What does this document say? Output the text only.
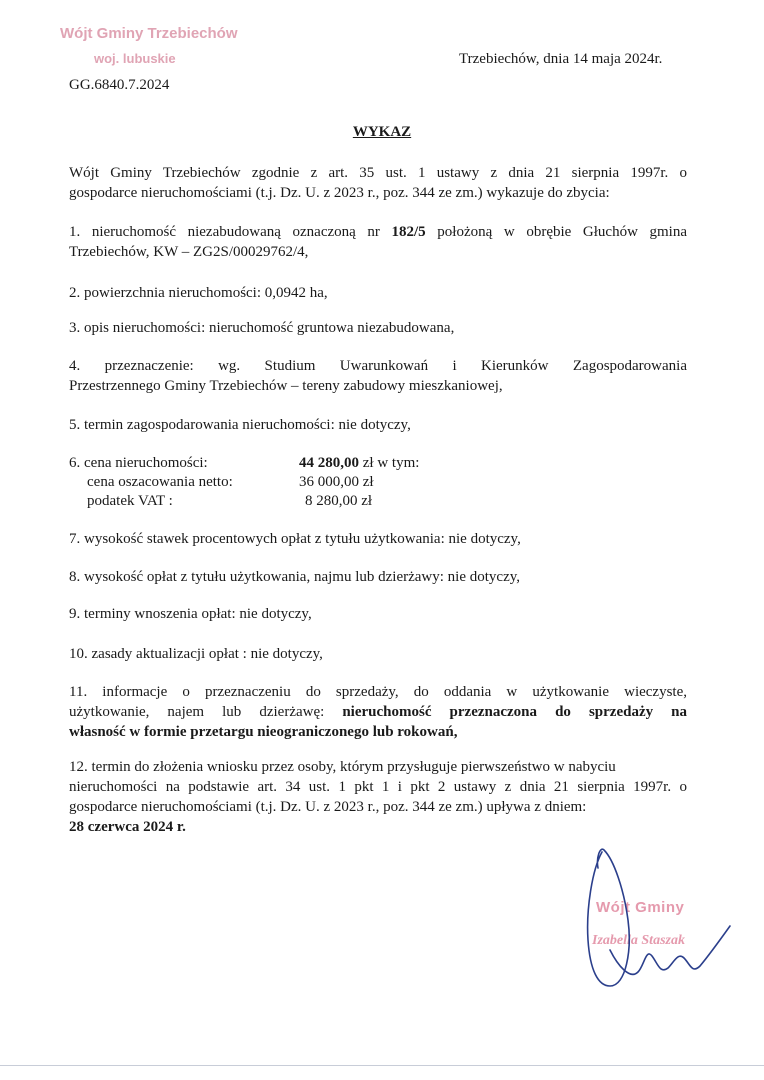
Wójt Gminy Trzebiechów
woj. lubuskie
GG.6840.7.2024
Trzebiechów, dnia 14 maja 2024r.
WYKAZ
Wójt Gminy Trzebiechów zgodnie z art. 35 ust. 1 ustawy z dnia 21 sierpnia 1997r. o
gospodarce nieruchomościami (t.j. Dz. U. z 2023 r., poz. 344 ze zm.) wykazuje do zbycia:
1. nieruchomość niezabudowaną oznaczoną nr 182/5 położoną w obrębie Głuchów gmina
Trzebiechów, KW – ZG2S/00029762/4,
2. powierzchnia nieruchomości: 0,0942 ha,
3. opis nieruchomości: nieruchomość gruntowa niezabudowana,
4. przeznaczenie: wg. Studium Uwarunkowań i Kierunków Zagospodarowania
Przestrzennego Gminy Trzebiechów – tereny zabudowy mieszkaniowej,
5. termin zagospodarowania nieruchomości: nie dotyczy,
6. cena nieruchomości:	44 280,00 zł w tym:
cena oszacowania netto:	36 000,00 zł
podatek VAT :	8 280,00 zł
7. wysokość stawek procentowych opłat z tytułu użytkowania: nie dotyczy,
8. wysokość opłat z tytułu użytkowania, najmu lub dzierżawy: nie dotyczy,
9. terminy wnoszenia opłat: nie dotyczy,
10. zasady aktualizacji opłat : nie dotyczy,
11. informacje o przeznaczeniu do sprzedaży, do oddania w użytkowanie wieczyste,
użytkowanie, najem lub dzierżawę: nieruchomość przeznaczona do sprzedaży na
własność w formie przetargu nieograniczonego lub rokowań,
12. termin do złożenia wniosku przez osoby, którym przysługuje pierwszeństwo w nabyciu
nieruchomości na podstawie art. 34 ust. 1 pkt 1 i pkt 2 ustawy z dnia 21 sierpnia 1997r. o
gospodarce nieruchomościami (t.j. Dz. U. z 2023 r., poz. 344 ze zm.) upływa z dniem:
28 czerwca 2024 r.
Wójt Gminy
Izabella Staszak
